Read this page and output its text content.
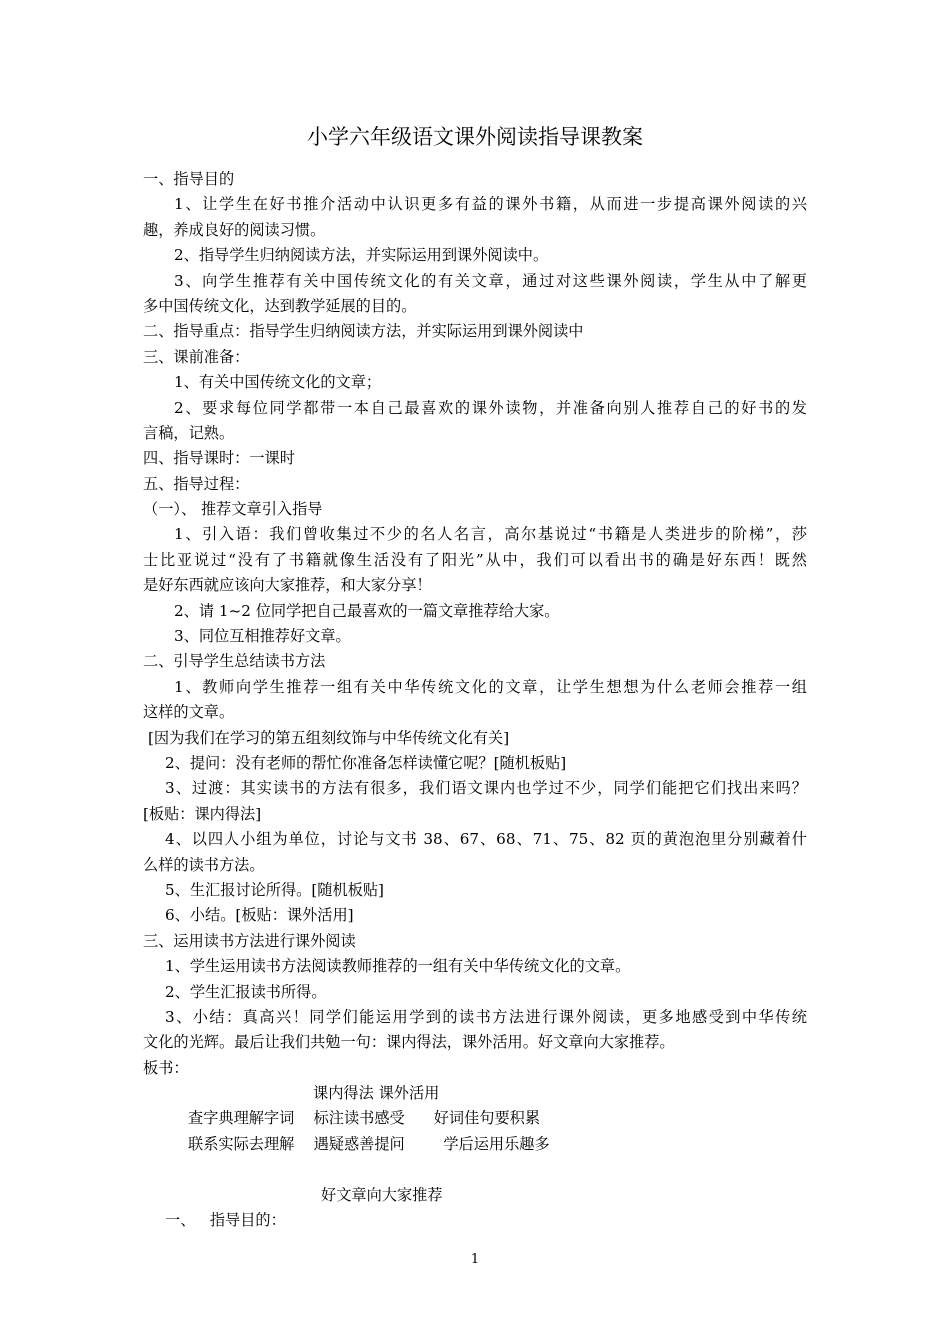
小学六年级语文课外阅读指导课教案
一、指导目的
1、让学生在好书推介活动中认识更多有益的课外书籍，从而进一步提高课外阅读的兴
趣，养成良好的阅读习惯。
2、指导学生归纳阅读方法，并实际运用到课外阅读中。
3、向学生推荐有关中国传统文化的有关文章，通过对这些课外阅读，学生从中了解更
多中国传统文化，达到教学延展的目的。
二、指导重点：指导学生归纳阅读方法，并实际运用到课外阅读中
三、课前准备：
1、有关中国传统文化的文章；
2、要求每位同学都带一本自己最喜欢的课外读物，并准备向别人推荐自己的好书的发
言稿，记熟。
四、指导课时：一课时
五、指导过程：
（一）、 推荐文章引入指导
1、引入语：我们曾收集过不少的名人名言，高尔基说过“书籍是人类进步的阶梯”，莎
士比亚说过“没有了书籍就像生活没有了阳光”从中，我们可以看出书的确是好东西！既然
是好东西就应该向大家推荐，和大家分享！
2、请 1~2 位同学把自己最喜欢的一篇文章推荐给大家。
3、同位互相推荐好文章。
二、引导学生总结读书方法
1、教师向学生推荐一组有关中华传统文化的文章，让学生想想为什么老师会推荐一组
这样的文章。
[因为我们在学习的第五组刻纹饰与中华传统文化有关]
2、提问：没有老师的帮忙你准备怎样读懂它呢？[随机板贴]
3、过渡：其实读书的方法有很多，我们语文课内也学过不少，同学们能把它们找出来吗？
[板贴：课内得法]
4、以四人小组为单位，讨论与文书 38、67、68、71、75、82 页的黄泡泡里分别藏着什
么样的读书方法。
5、生汇报讨论所得。[随机板贴]
6、小结。[板贴：课外活用]
三、运用读书方法进行课外阅读
1、学生运用读书方法阅读教师推荐的一组有关中华传统文化的文章。
2、学生汇报读书所得。
3、小结：真高兴！同学们能运用学到的读书方法进行课外阅读，更多地感受到中华传统
文化的光辉。最后让我们共勉一句：课内得法，课外活用。好文章向大家推荐。
板书：
课内得法 课外活用
查字典理解字词    标注读书感受      好词佳句要积累
联系实际去理解    遇疑惑善提问        学后运用乐趣多
好文章向大家推荐
一、   指导目的：
1
